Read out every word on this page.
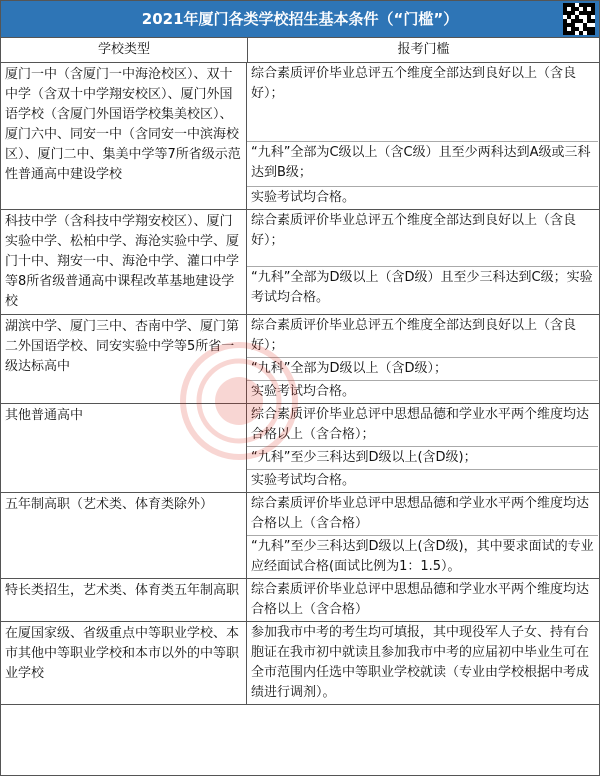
2021年厦门各类学校招生基本条件（“门槛”）
学校类型	报考门槛
厦门一中（含厦门一中海沧校区）、双十中学（含双十中学翔安校区）、厦门外国语学校（含厦门外国语学校集美校区）、厦门六中、同安一中（含同安一中滨海校区）、厦门二中、集美中学等7所省级示范性普通高中建设学校
综合素质评价毕业总评五个维度全部达到良好以上（含良好）；
“九科”全部为C级以上（含C级）且至少两科达到A级或三科达到B级；
实验考试均合格。
科技中学（含科技中学翔安校区）、厦门实验中学、松柏中学、海沧实验中学、厦门十中、翔安一中、海沧中学、灌口中学等8所省级普通高中课程改革基地建设学校
综合素质评价毕业总评五个维度全部达到良好以上（含良好）；
“九科”全部为D级以上（含D级）且至少三科达到C级；实验考试均合格。
湖滨中学、厦门三中、杏南中学、厦门第二外国语学校、同安实验中学等5所省一级达标高中
综合素质评价毕业总评五个维度全部达到良好以上（含良好）；
“九科”全部为D级以上（含D级）；
实验考试均合格。
其他普通高中	综合素质评价毕业总评中思想品德和学业水平两个维度均达合格以上（含合格）；
“九科”至少三科达到D级以上(含D级)；
实验考试均合格。
五年制高职（艺术类、体育类除外）	综合素质评价毕业总评中思想品德和学业水平两个维度均达合格以上（含合格）
“九科”至少三科达到D级以上(含D级)，其中要求面试的专业应经面试合格(面试比例为1：1.5）。
特长类招生，艺术类、体育类五年制高职 综合素质评价毕业总评中思想品德和学业水平两个维度均达合格以上（含合格）
在厦国家级、省级重点中等职业学校、本市其他中等职业学校和本市以外的中等职业学校
参加我市中考的考生均可填报，其中现役军人子女、持有台胞证在我市初中就读且参加我市中考的应届初中毕业生可在全市范围内任选中等职业学校就读（专业由学校根据中考成绩进行调剂）。
